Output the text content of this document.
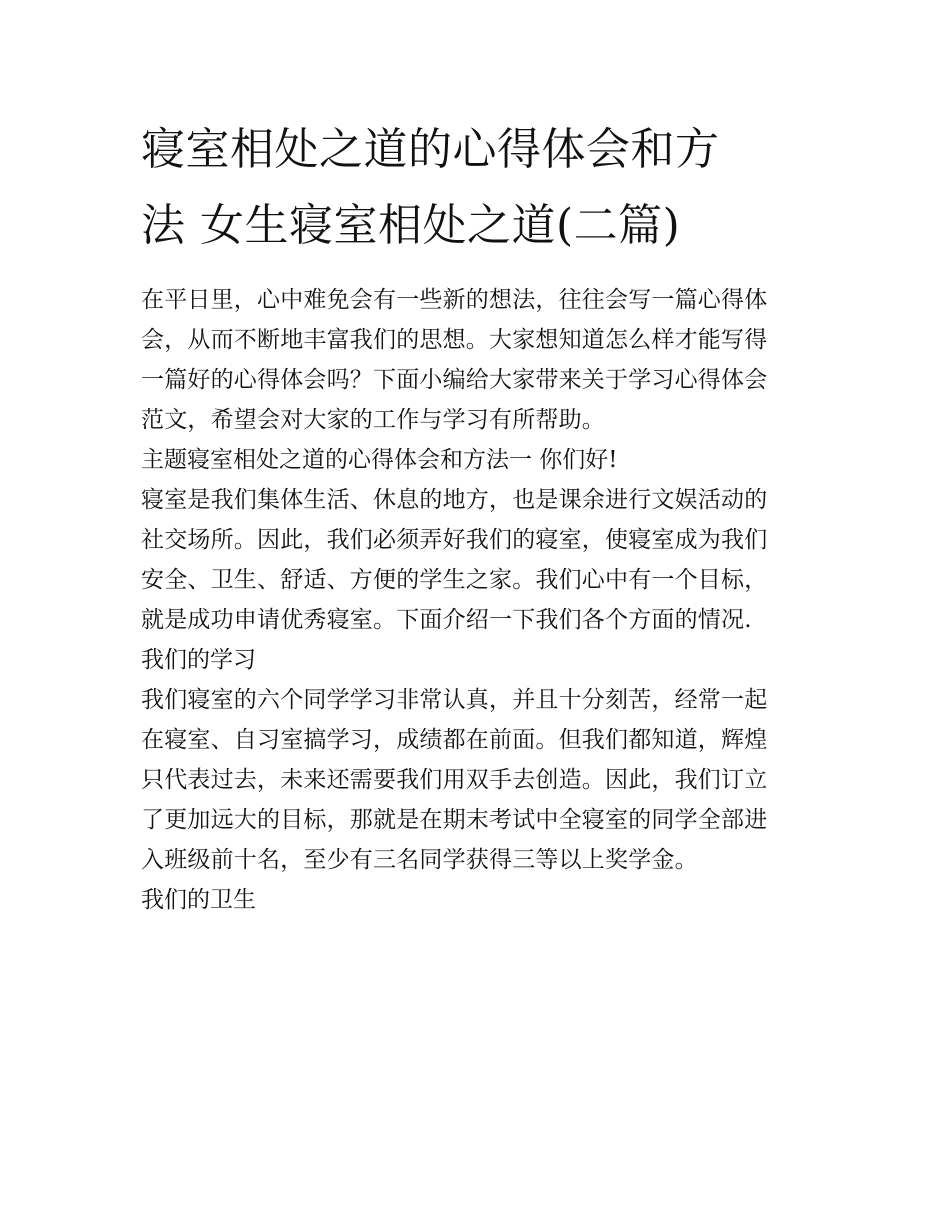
寝室相处之道的心得体会和方
法 女生寝室相处之道(二篇)

在平日里，心中难免会有一些新的想法，往往会写一篇心得体
会，从而不断地丰富我们的思想。大家想知道怎么样才能写得
一篇好的心得体会吗？下面小编给大家带来关于学习心得体会
范文，希望会对大家的工作与学习有所帮助。

主题寝室相处之道的心得体会和方法一 你们好!

寝室是我们集体生活、休息的地方，也是课余进行文娱活动的
社交场所。因此，我们必须弄好我们的寝室，使寝室成为我们
安全、卫生、舒适、方便的学生之家。我们心中有一个目标，
就是成功申请优秀寝室。下面介绍一下我们各个方面的情况.

我们的学习

我们寝室的六个同学学习非常认真，并且十分刻苦，经常一起
在寝室、自习室搞学习，成绩都在前面。但我们都知道，辉煌
只代表过去，未来还需要我们用双手去创造。因此，我们订立
了更加远大的目标，那就是在期末考试中全寝室的同学全部进
入班级前十名，至少有三名同学获得三等以上奖学金。

我们的卫生
